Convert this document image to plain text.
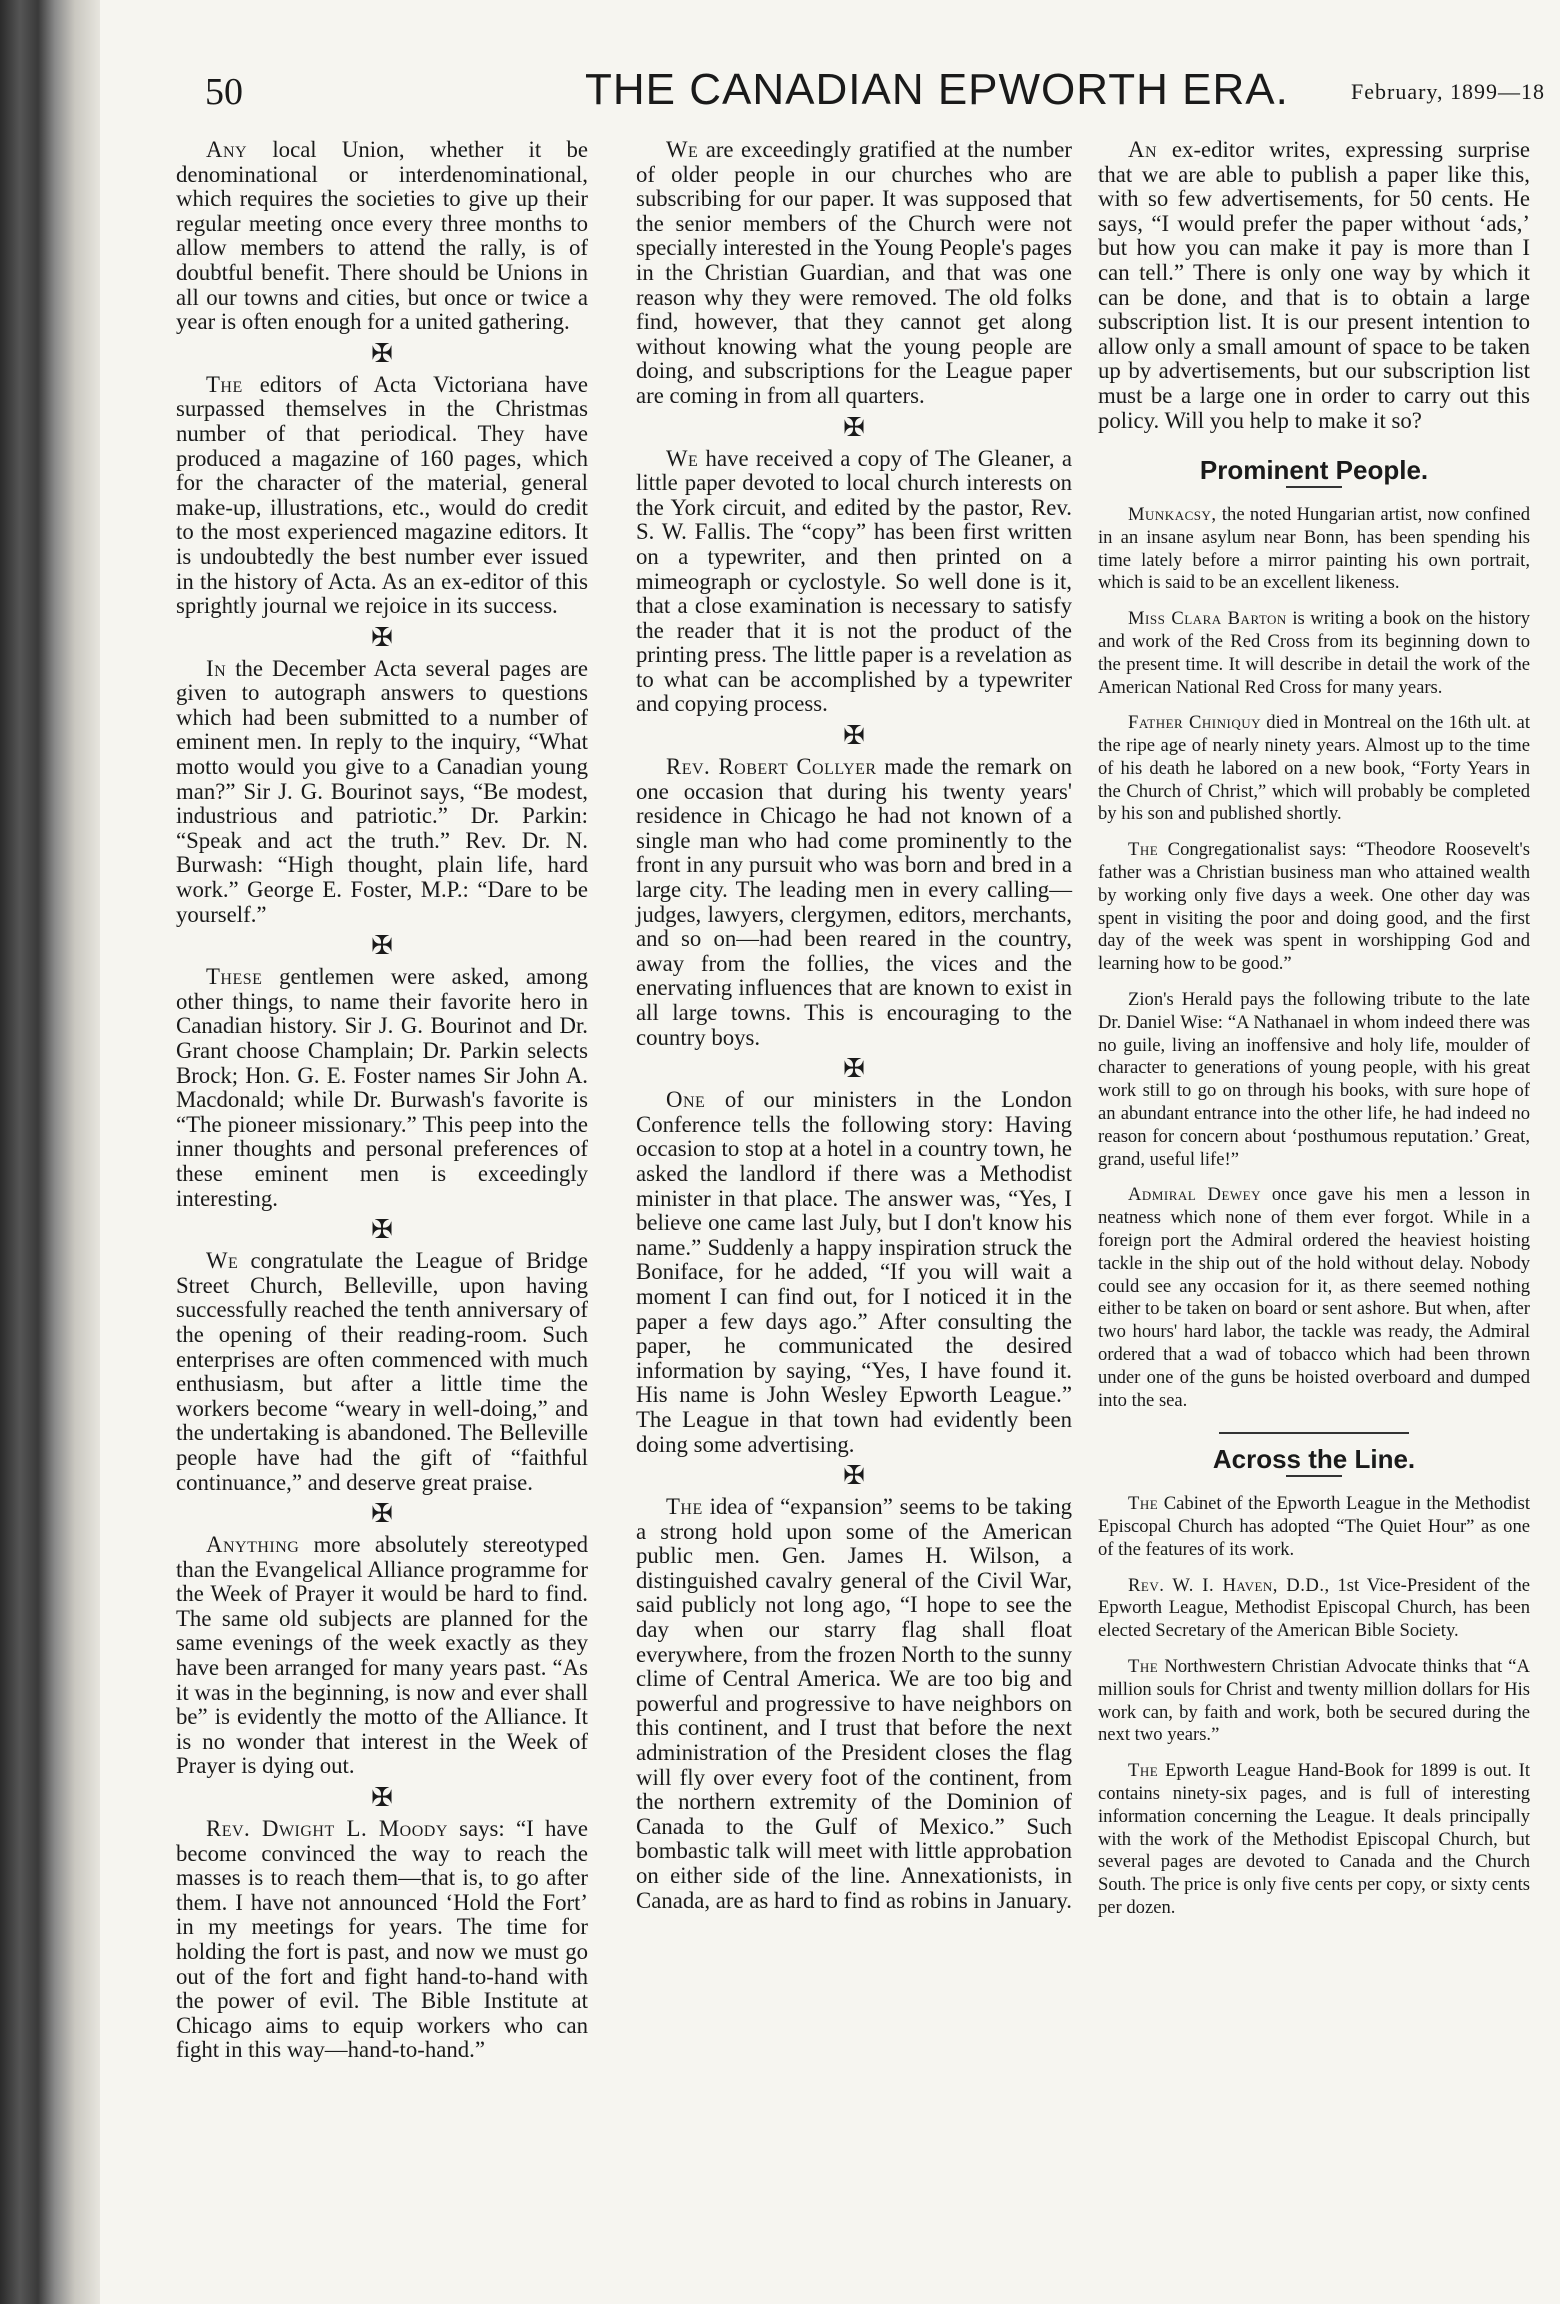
50	THE CANADIAN EPWORTH ERA.	February, 1899—18

Any local Union, whether it be denominational or interdenominational, which requires the societies to give up their regular meeting once every three months to allow members to attend the rally, is of doubtful benefit. There should be Unions in all our towns and cities, but once or twice a year is often enough for a united gathering.

✠

The editors of Acta Victoriana have surpassed themselves in the Christmas number of that periodical. They have produced a magazine of 160 pages, which for the character of the material, general make-up, illustrations, etc., would do credit to the most experienced magazine editors. It is undoubtedly the best number ever issued in the history of Acta. As an ex-editor of this sprightly journal we rejoice in its success.

✠

In the December Acta several pages are given to autograph answers to questions which had been submitted to a number of eminent men. In reply to the inquiry, “What motto would you give to a Canadian young man?” Sir J. G. Bourinot says, “Be modest, industrious and patriotic.” Dr. Parkin: “Speak and act the truth.” Rev. Dr. N. Burwash: “High thought, plain life, hard work.” George E. Foster, M.P.: “Dare to be yourself.”

✠

These gentlemen were asked, among other things, to name their favorite hero in Canadian history. Sir J. G. Bourinot and Dr. Grant choose Champlain; Dr. Parkin selects Brock; Hon. G. E. Foster names Sir John A. Macdonald; while Dr. Burwash's favorite is “The pioneer missionary.” This peep into the inner thoughts and personal preferences of these eminent men is exceedingly interesting.

✠

We congratulate the League of Bridge Street Church, Belleville, upon having successfully reached the tenth anniversary of the opening of their reading-room. Such enterprises are often commenced with much enthusiasm, but after a little time the workers become “weary in well-doing,” and the undertaking is abandoned. The Belleville people have had the gift of “faithful continuance,” and deserve great praise.

✠

Anything more absolutely stereotyped than the Evangelical Alliance programme for the Week of Prayer it would be hard to find. The same old subjects are planned for the same evenings of the week exactly as they have been arranged for many years past. “As it was in the beginning, is now and ever shall be” is evidently the motto of the Alliance. It is no wonder that interest in the Week of Prayer is dying out.

✠

Rev. Dwight L. Moody says: “I have become convinced the way to reach the masses is to reach them—that is, to go after them. I have not announced ‘Hold the Fort’ in my meetings for years. The time for holding the fort is past, and now we must go out of the fort and fight hand-to-hand with the power of evil. The Bible Institute at Chicago aims to equip workers who can fight in this way—hand-to-hand.”

We are exceedingly gratified at the number of older people in our churches who are subscribing for our paper. It was supposed that the senior members of the Church were not specially interested in the Young People's pages in the Christian Guardian, and that was one reason why they were removed. The old folks find, however, that they cannot get along without knowing what the young people are doing, and subscriptions for the League paper are coming in from all quarters.

✠

We have received a copy of The Gleaner, a little paper devoted to local church interests on the York circuit, and edited by the pastor, Rev. S. W. Fallis. The “copy” has been first written on a typewriter, and then printed on a mimeograph or cyclostyle. So well done is it, that a close examination is necessary to satisfy the reader that it is not the product of the printing press. The little paper is a revelation as to what can be accomplished by a typewriter and copying process.

✠

Rev. Robert Collyer made the remark on one occasion that during his twenty years' residence in Chicago he had not known of a single man who had come prominently to the front in any pursuit who was born and bred in a large city. The leading men in every calling—judges, lawyers, clergymen, editors, merchants, and so on—had been reared in the country, away from the follies, the vices and the enervating influences that are known to exist in all large towns. This is encouraging to the country boys.

✠

One of our ministers in the London Conference tells the following story: Having occasion to stop at a hotel in a country town, he asked the landlord if there was a Methodist minister in that place. The answer was, “Yes, I believe one came last July, but I don't know his name.” Suddenly a happy inspiration struck the Boniface, for he added, “If you will wait a moment I can find out, for I noticed it in the paper a few days ago.” After consulting the paper, he communicated the desired information by saying, “Yes, I have found it. His name is John Wesley Epworth League.” The League in that town had evidently been doing some advertising.

✠

The idea of “expansion” seems to be taking a strong hold upon some of the American public men. Gen. James H. Wilson, a distinguished cavalry general of the Civil War, said publicly not long ago, “I hope to see the day when our starry flag shall float everywhere, from the frozen North to the sunny clime of Central America. We are too big and powerful and progressive to have neighbors on this continent, and I trust that before the next administration of the President closes the flag will fly over every foot of the continent, from the northern extremity of the Dominion of Canada to the Gulf of Mexico.” Such bombastic talk will meet with little approbation on either side of the line. Annexationists, in Canada, are as hard to find as robins in January.

An ex-editor writes, expressing surprise that we are able to publish a paper like this, with so few advertisements, for 50 cents. He says, “I would prefer the paper without ‘ads,’ but how you can make it pay is more than I can tell.” There is only one way by which it can be done, and that is to obtain a large subscription list. It is our present intention to allow only a small amount of space to be taken up by advertisements, but our subscription list must be a large one in order to carry out this policy. Will you help to make it so?

Prominent People.

Munkacsy, the noted Hungarian artist, now confined in an insane asylum near Bonn, has been spending his time lately before a mirror painting his own portrait, which is said to be an excellent likeness.

Miss Clara Barton is writing a book on the history and work of the Red Cross from its beginning down to the present time. It will describe in detail the work of the American National Red Cross for many years.

Father Chiniquy died in Montreal on the 16th ult. at the ripe age of nearly ninety years. Almost up to the time of his death he labored on a new book, “Forty Years in the Church of Christ,” which will probably be completed by his son and published shortly.

The Congregationalist says: “Theodore Roosevelt's father was a Christian business man who attained wealth by working only five days a week. One other day was spent in visiting the poor and doing good, and the first day of the week was spent in worshipping God and learning how to be good.”

Zion's Herald pays the following tribute to the late Dr. Daniel Wise: “A Nathanael in whom indeed there was no guile, living an inoffensive and holy life, moulder of character to generations of young people, with his great work still to go on through his books, with sure hope of an abundant entrance into the other life, he had indeed no reason for concern about ‘posthumous reputation.’ Great, grand, useful life!”

Admiral Dewey once gave his men a lesson in neatness which none of them ever forgot. While in a foreign port the Admiral ordered the heaviest hoisting tackle in the ship out of the hold without delay. Nobody could see any occasion for it, as there seemed nothing either to be taken on board or sent ashore. But when, after two hours' hard labor, the tackle was ready, the Admiral ordered that a wad of tobacco which had been thrown under one of the guns be hoisted overboard and dumped into the sea.

Across the Line.

The Cabinet of the Epworth League in the Methodist Episcopal Church has adopted “The Quiet Hour” as one of the features of its work.

Rev. W. I. Haven, D.D., 1st Vice-President of the Epworth League, Methodist Episcopal Church, has been elected Secretary of the American Bible Society.

The Northwestern Christian Advocate thinks that “A million souls for Christ and twenty million dollars for His work can, by faith and work, both be secured during the next two years.”

The Epworth League Hand-Book for 1899 is out. It contains ninety-six pages, and is full of interesting information concerning the League. It deals principally with the work of the Methodist Episcopal Church, but several pages are devoted to Canada and the Church South. The price is only five cents per copy, or sixty cents per dozen.
